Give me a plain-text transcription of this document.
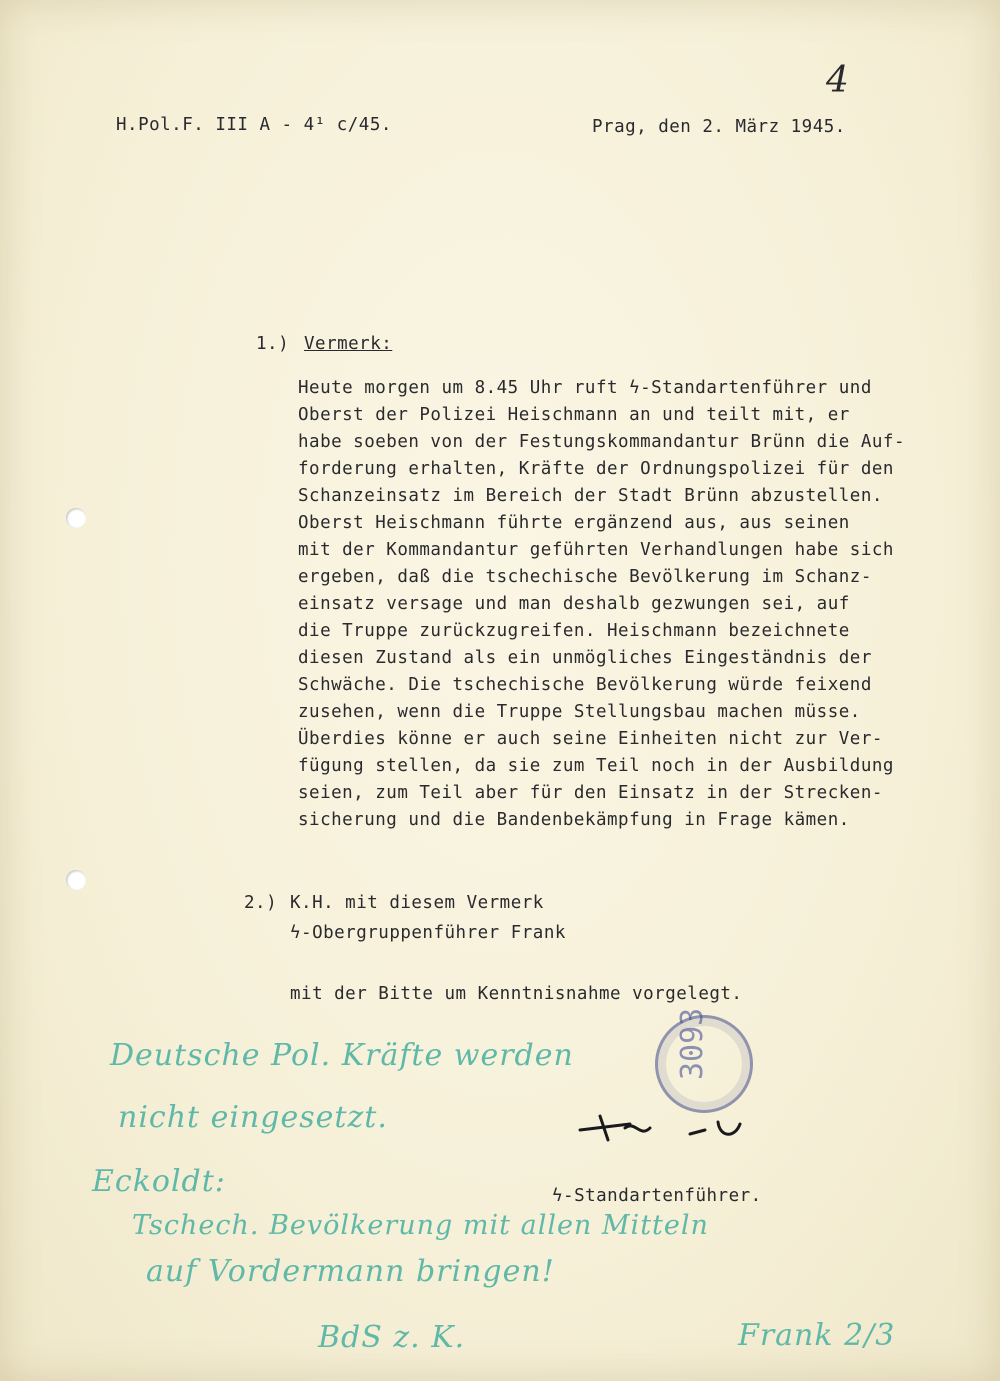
4
H.Pol.F. III A - 4¹ c/45.	Prag, den 2. März 1945.
1.) Vermerk:
Heute morgen um 8.45 Uhr ruft ϟ-Standartenführer und
Oberst der Polizei Heischmann an und teilt mit, er
habe soeben von der Festungskommandantur Brünn die Auf-
forderung erhalten, Kräfte der Ordnungspolizei für den
Schanzeinsatz im Bereich der Stadt Brünn abzustellen.
Oberst Heischmann führte ergänzend aus, aus seinen
mit der Kommandantur geführten Verhandlungen habe sich
ergeben, daß die tschechische Bevölkerung im Schanz-
einsatz versage und man deshalb gezwungen sei, auf
die Truppe zurückzugreifen. Heischmann bezeichnete
diesen Zustand als ein unmögliches Eingeständnis der
Schwäche. Die tschechische Bevölkerung würde feixend
zusehen, wenn die Truppe Stellungsbau machen müsse.
Überdies könne er auch seine Einheiten nicht zur Ver-
fügung stellen, da sie zum Teil noch in der Ausbildung
seien, zum Teil aber für den Einsatz in der Strecken-
sicherung und die Bandenbekämpfung in Frage kämen.
2.) K.H. mit diesem Vermerk
ϟ-Obergruppenführer Frank
mit der Bitte um Kenntnisnahme vorgelegt.
3093
ϟ-Standartenführer.
Deutsche Pol. Kräfte werden
nicht eingesetzt.
Eckoldt:
Tschech. Bevölkerung mit allen Mitteln
auf Vordermann bringen!
BdS z. K.	Frank 2/3
